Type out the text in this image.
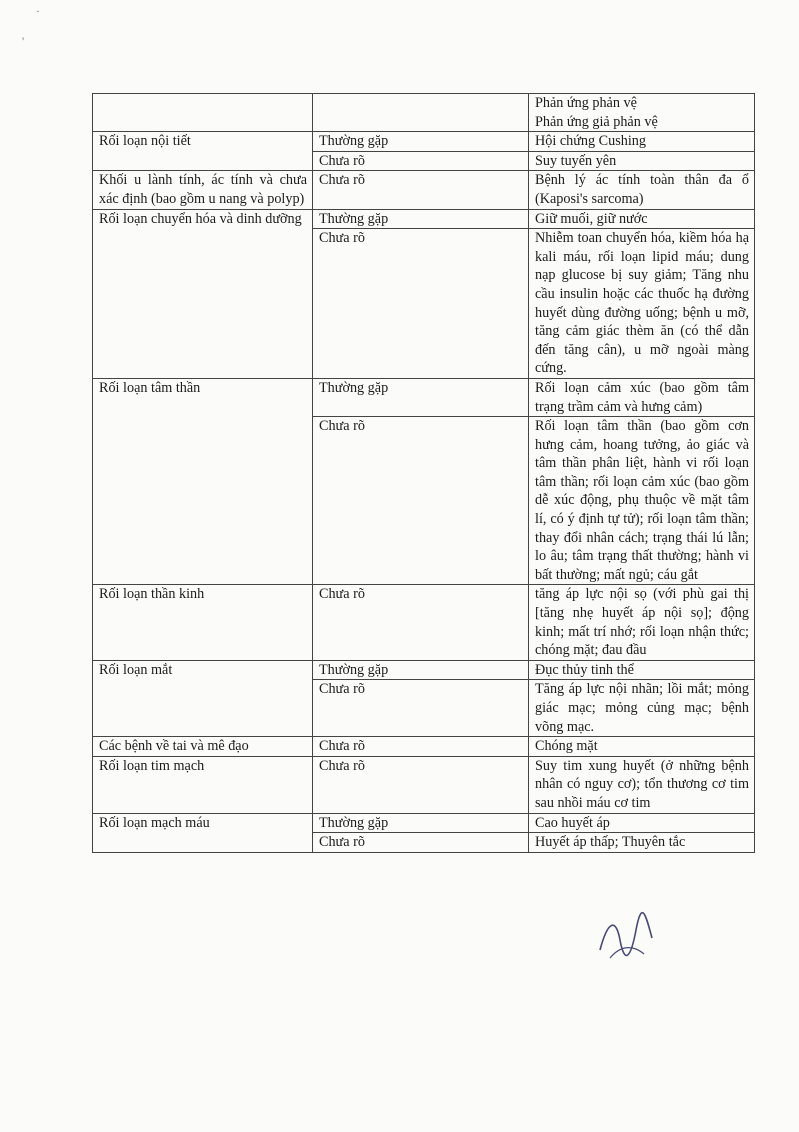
·
'

		Phản ứng phản vệ
Phản ứng giả phản vệ

Rối loạn nội tiết	Thường gặp	Hội chứng Cushing
	Chưa rõ	Suy tuyến yên
Khối u lành tính, ác tính và chưa xác định (bao gồm u nang và polyp)	Chưa rõ	Bệnh lý ác tính toàn thân đa ổ (Kaposi's sarcoma)
Rối loạn chuyển hóa và dinh dưỡng	Thường gặp	Giữ muối, giữ nước
	Chưa rõ	Nhiễm toan chuyển hóa, kiềm hóa hạ kali máu, rối loạn lipid máu; dung nạp glucose bị suy giảm; Tăng nhu cầu insulin hoặc các thuốc hạ đường huyết dùng đường uống; bệnh u mỡ, tăng cảm giác thèm ăn (có thể dẫn đến tăng cân), u mỡ ngoài màng cứng.
Rối loạn tâm thần	Thường gặp	Rối loạn cảm xúc (bao gồm tâm trạng trầm cảm và hưng cảm)
	Chưa rõ	Rối loạn tâm thần (bao gồm cơn hưng cảm, hoang tưởng, ảo giác và tâm thần phân liệt, hành vi rối loạn tâm thần; rối loạn cảm xúc (bao gồm dễ xúc động, phụ thuộc về mặt tâm lí, có ý định tự tử); rối loạn tâm thần; thay đổi nhân cách; trạng thái lú lẫn; lo âu; tâm trạng thất thường; hành vi bất thường; mất ngủ; cáu gắt
Rối loạn thần kinh	Chưa rõ	tăng áp lực nội sọ (với phù gai thị [tăng nhẹ huyết áp nội sọ]; động kinh; mất trí nhớ; rối loạn nhận thức; chóng mặt; đau đầu
Rối loạn mắt	Thường gặp	Đục thủy tinh thể
	Chưa rõ	Tăng áp lực nội nhãn; lồi mắt; mỏng giác mạc; mỏng củng mạc; bệnh võng mạc.
Các bệnh về tai và mê đạo	Chưa rõ	Chóng mặt
Rối loạn tim mạch	Chưa rõ	Suy tim xung huyết (ở những bệnh nhân có nguy cơ); tổn thương cơ tim sau nhồi máu cơ tim
Rối loạn mạch máu	Thường gặp	Cao huyết áp
	Chưa rõ	Huyết áp thấp; Thuyên tắc
